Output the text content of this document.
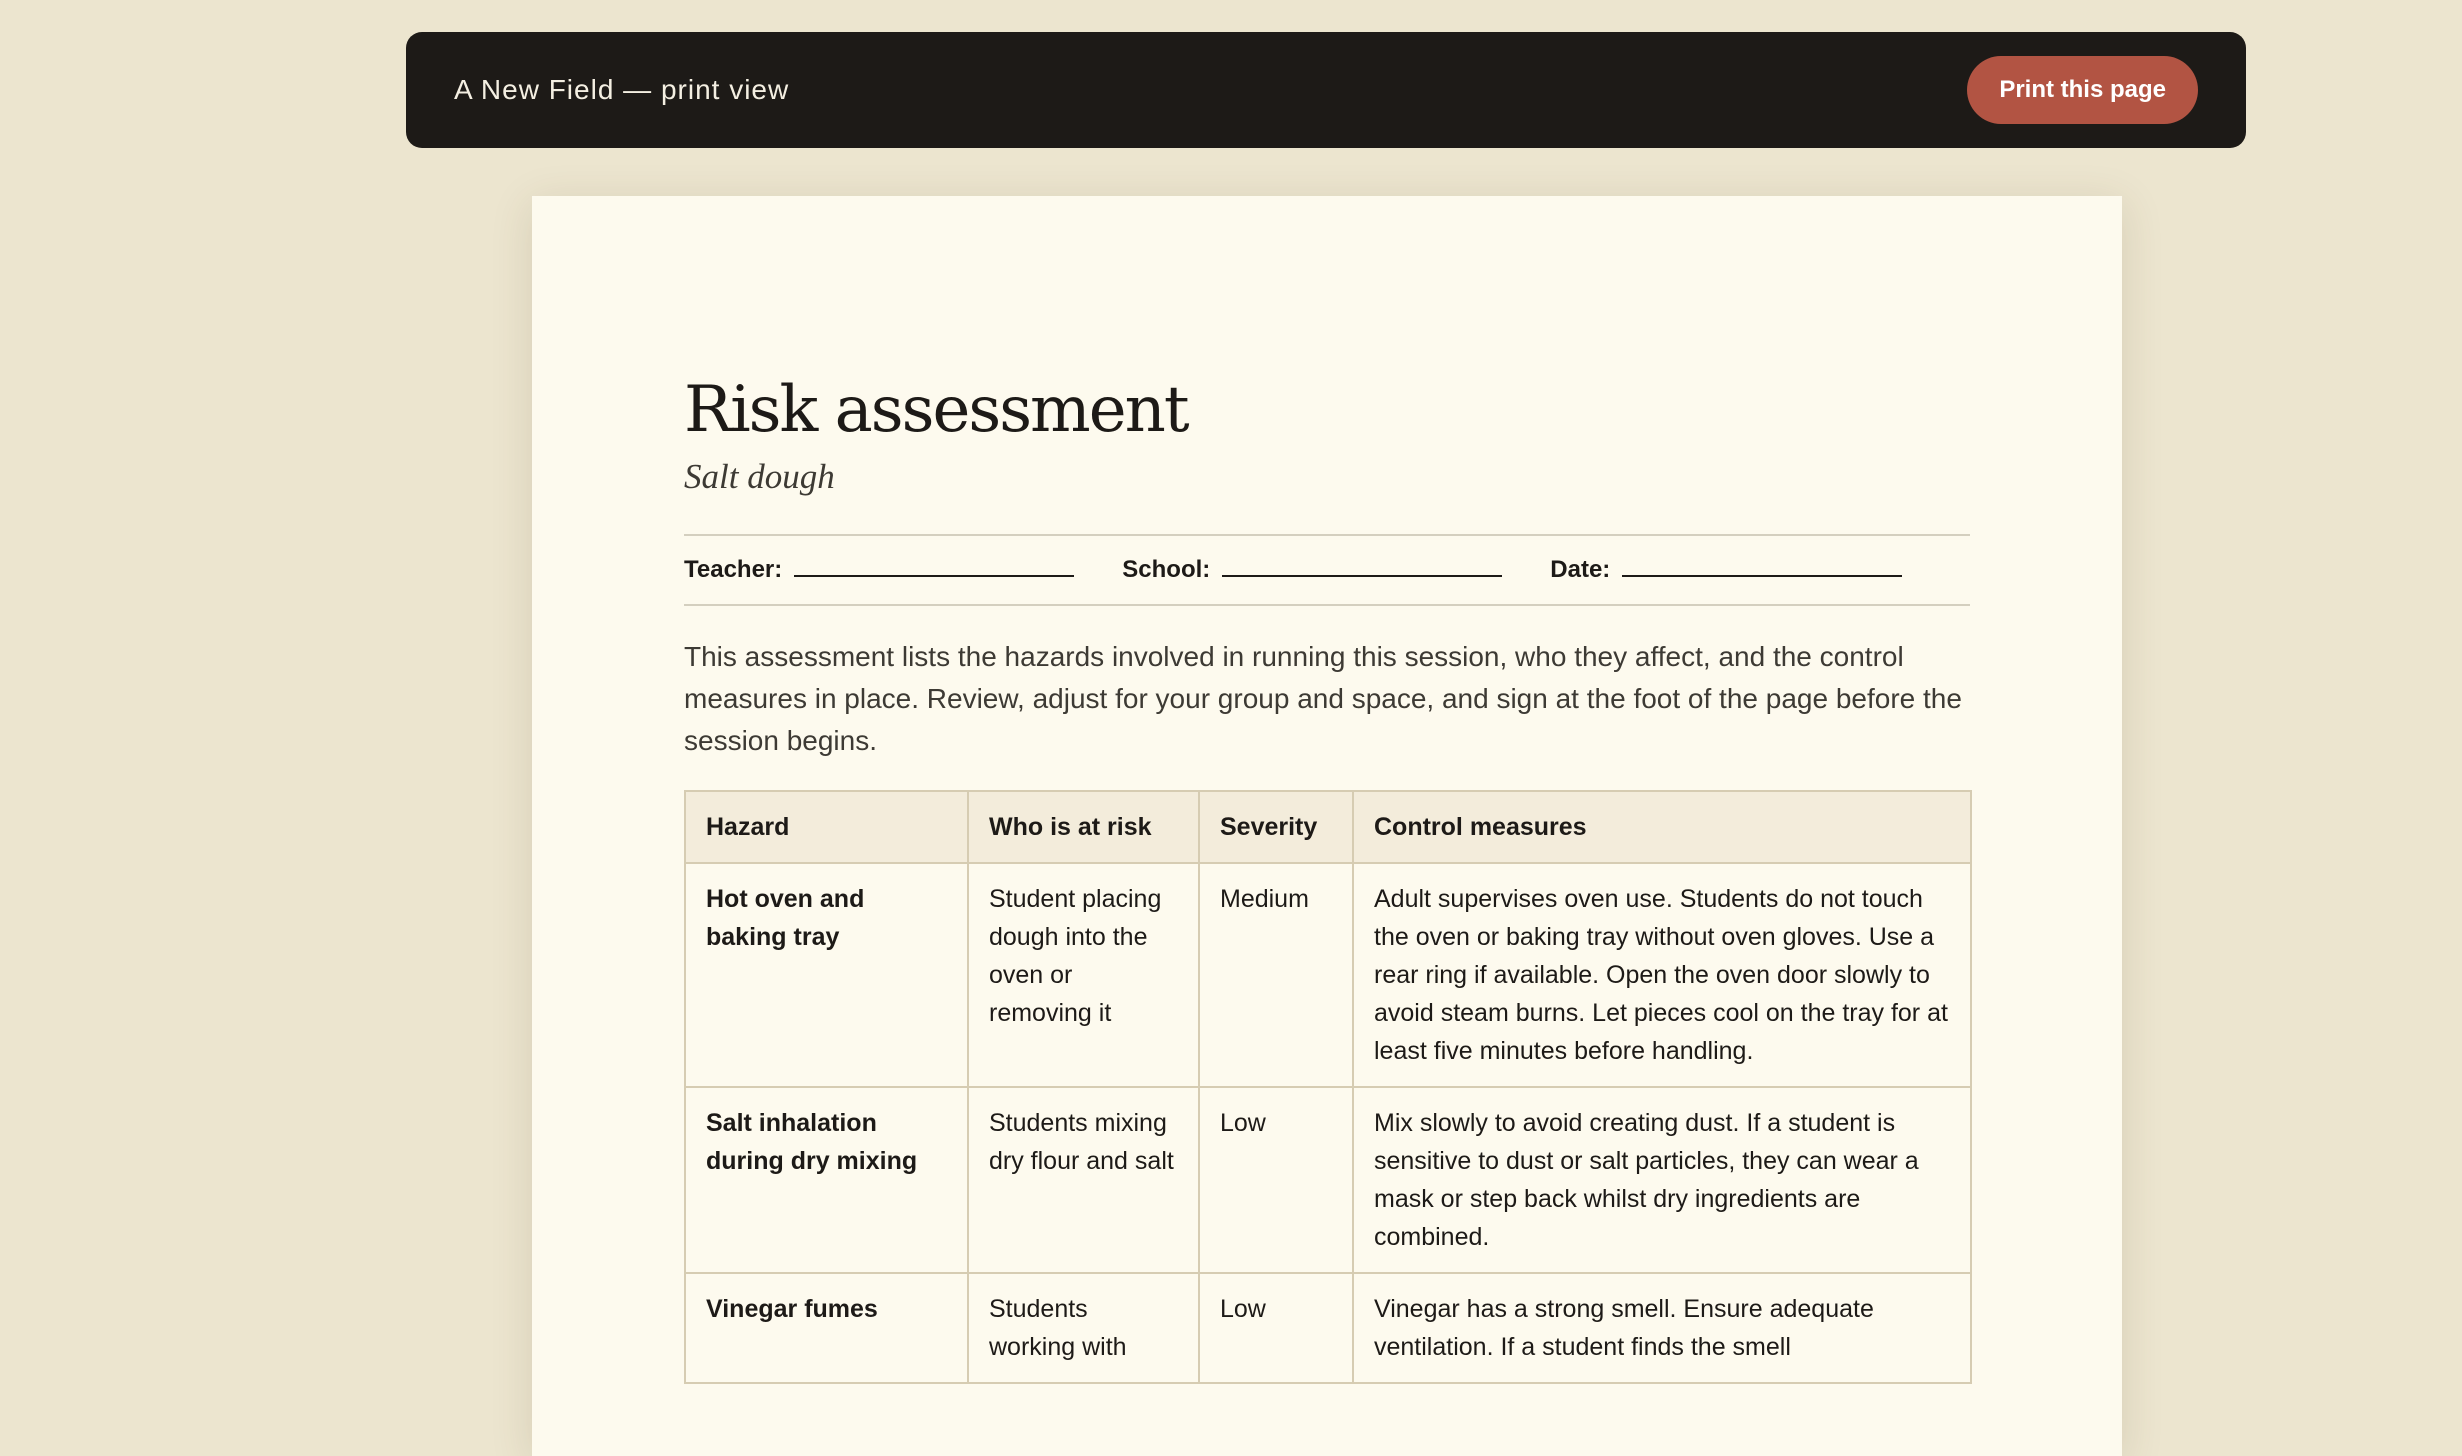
A New Field — print view	Print this page
Risk assessment
Salt dough
Teacher:	School:	Date:

This assessment lists the hazards involved in running this session, who they affect, and the control measures in place. Review, adjust for your group and space, and sign at the foot of the page before the session begins.

Hazard	Who is at risk	Severity	Control measures
Hot oven and baking tray	Student placing dough into the oven or removing it	Medium	Adult supervises oven use. Students do not touch the oven or baking tray without oven gloves. Use a rear ring if available. Open the oven door slowly to avoid steam burns. Let pieces cool on the tray for at least five minutes before handling.
Salt inhalation during dry mixing	Students mixing dry flour and salt	Low	Mix slowly to avoid creating dust. If a student is sensitive to dust or salt particles, they can wear a mask or step back whilst dry ingredients are combined.
Vinegar fumes	Students working with	Low	Vinegar has a strong smell. Ensure adequate ventilation. If a student finds the smell
